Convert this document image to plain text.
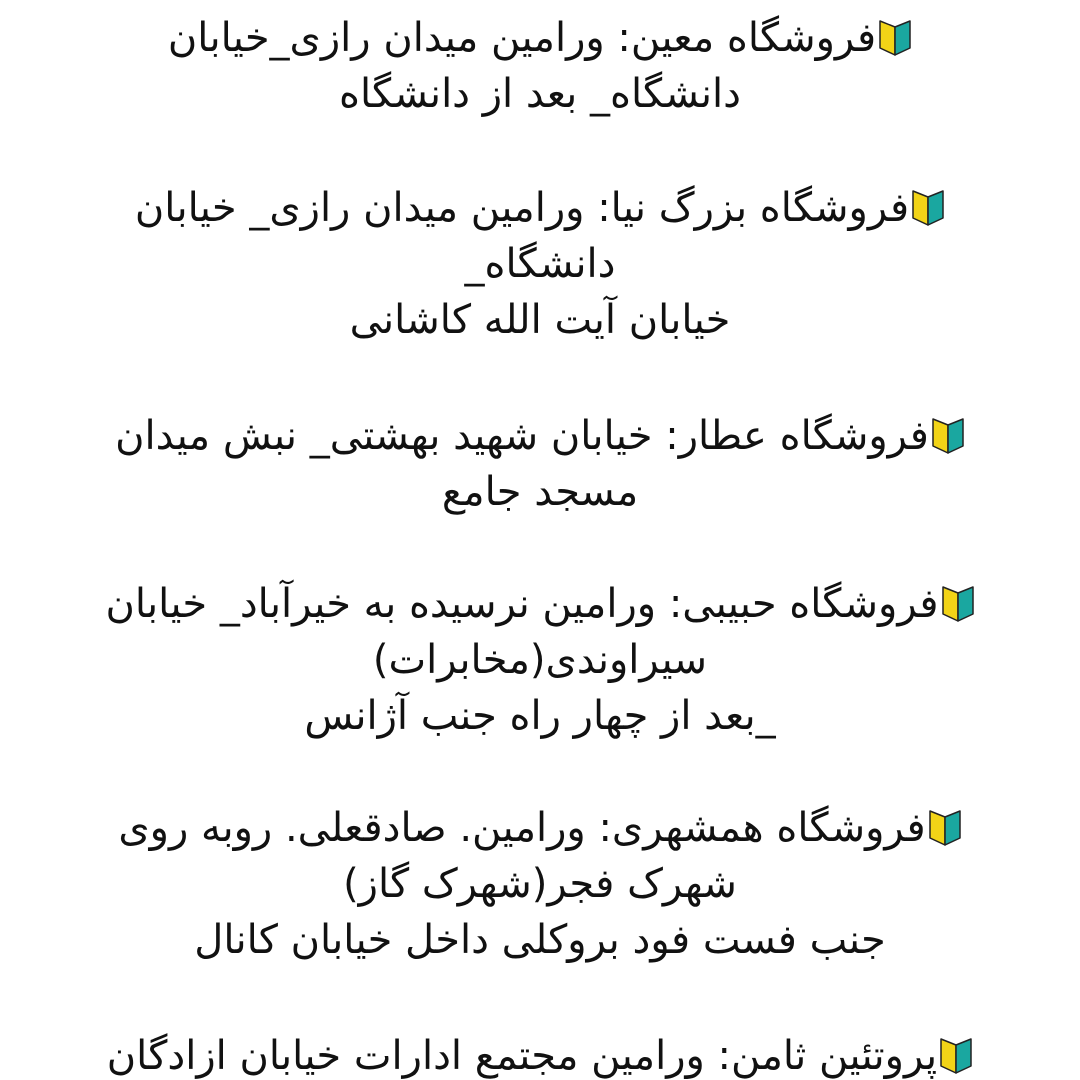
فروشگاه معین: ورامین میدان رازی_خیابان
دانشگاه_ بعد از دانشگاه
فروشگاه بزرگ نیا: ورامین میدان رازی_ خیابان
دانشگاه_
خیابان آیت الله کاشانی
فروشگاه عطار: خیابان شهید بهشتی_ نبش میدان
مسجد جامع
فروشگاه حبیبی: ورامین نرسیده به خیرآباد_ خیابان
سیراوندی(مخابرات)
_بعد از چهار راه جنب آژانس
فروشگاه همشهری: ورامین. صادقعلی. روبه روی
شهرک فجر(شهرک گاز)
جنب فست فود بروکلی داخل خیابان کانال
پروتئین ثامن: ورامین مجتمع ادارات خیابان ازادگان
